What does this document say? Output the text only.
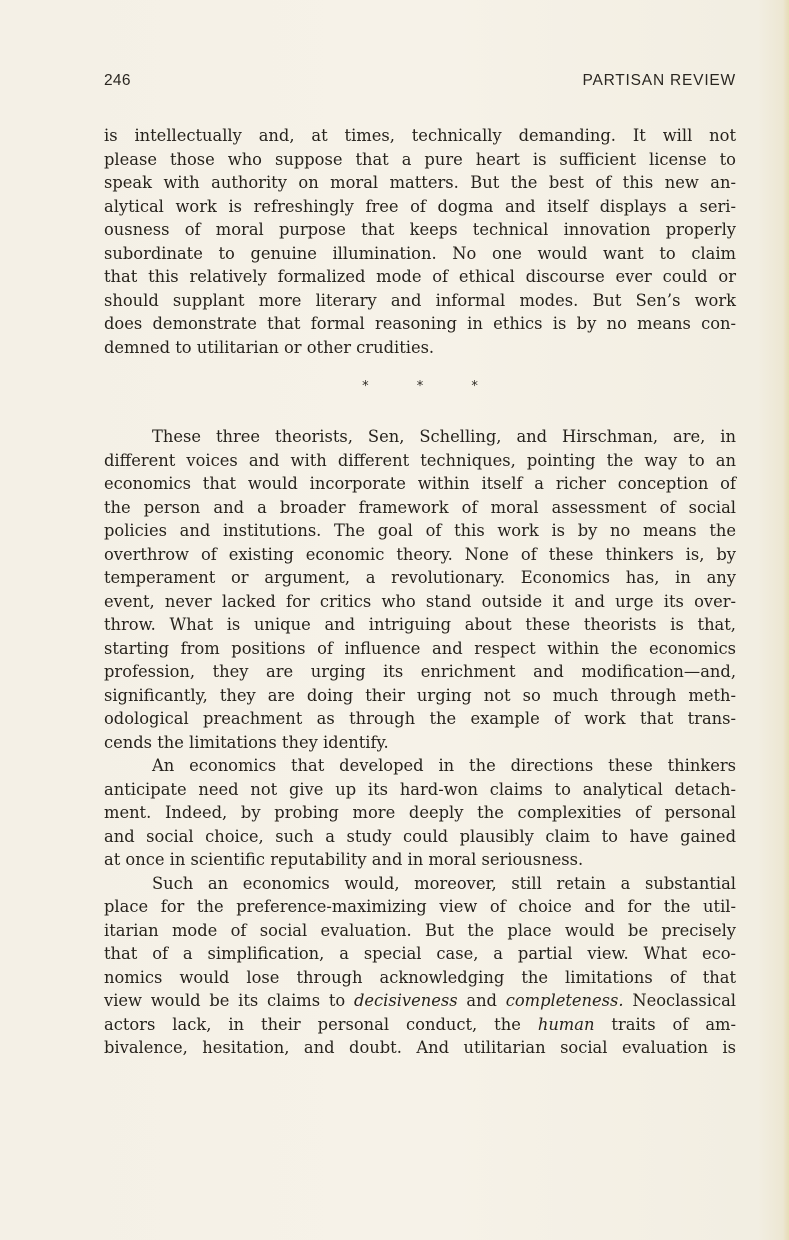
246	PARTISAN REVIEW

is intellectually and, at times, technically demanding. It will not
please those who suppose that a pure heart is sufficient license to
speak with authority on moral matters. But the best of this new an-
alytical work is refreshingly free of dogma and itself displays a seri-
ousness of moral purpose that keeps technical innovation properly
subordinate to genuine illumination. No one would want to claim
that this relatively formalized mode of ethical discourse ever could or
should supplant more literary and informal modes. But Sen’s work
does demonstrate that formal reasoning in ethics is by no means con-
demned to utilitarian or other crudities.

* * *

These three theorists, Sen, Schelling, and Hirschman, are, in
different voices and with different techniques, pointing the way to an
economics that would incorporate within itself a richer conception of
the person and a broader framework of moral assessment of social
policies and institutions. The goal of this work is by no means the
overthrow of existing economic theory. None of these thinkers is, by
temperament or argument, a revolutionary. Economics has, in any
event, never lacked for critics who stand outside it and urge its over-
throw. What is unique and intriguing about these theorists is that,
starting from positions of influence and respect within the economics
profession, they are urging its enrichment and modification—and,
significantly, they are doing their urging not so much through meth-
odological preachment as through the example of work that trans-
cends the limitations they identify.

An economics that developed in the directions these thinkers
anticipate need not give up its hard-won claims to analytical detach-
ment. Indeed, by probing more deeply the complexities of personal
and social choice, such a study could plausibly claim to have gained
at once in scientific reputability and in moral seriousness.

Such an economics would, moreover, still retain a substantial
place for the preference-maximizing view of choice and for the util-
itarian mode of social evaluation. But the place would be precisely
that of a simplification, a special case, a partial view. What eco-
nomics would lose through acknowledging the limitations of that
view would be its claims to decisiveness and completeness. Neoclassical
actors lack, in their personal conduct, the human traits of am-
bivalence, hesitation, and doubt. And utilitarian social evaluation is
